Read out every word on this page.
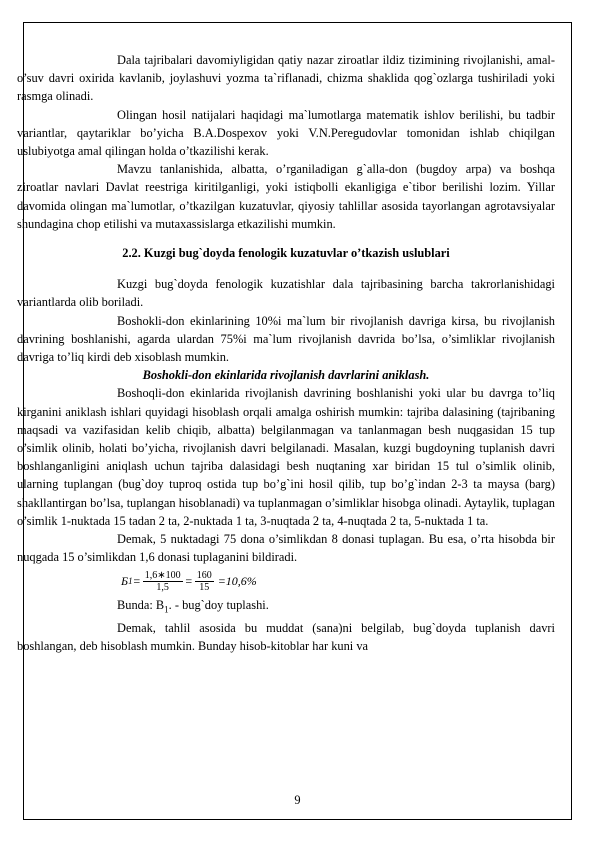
Dala tajribalari davomiyligidan qatiy nazar ziroatlar ildiz tizimining rivojlanishi, amal-o’suv davri oxirida kavlanib, joylashuvi yozma ta`riflanadi, chizma shaklida qog`ozlarga tushiriladi yoki rasmga olinadi.

Olingan hosil natijalari haqidagi ma`lumotlarga matematik ishlov berilishi, bu tadbir variantlar, qaytariklar bo’yicha B.A.Dospexov yoki V.N.Peregudovlar tomonidan ishlab chiqilgan uslubiyotga amal qilingan holda o’tkazilishi kerak.

Mavzu tanlanishida, albatta, o’rganiladigan g`alla-don (bugdoy arpa) va boshqa ziroatlar navlari Davlat reestriga kiritilganligi, yoki istiqbolli ekanligiga e`tibor berilishi lozim. Yillar davomida olingan ma`lumotlar, o’tkazilgan kuzatuvlar, qiyosiy tahlillar asosida tayorlangan agrotavsiyalar shundagina chop etilishi va mutaxassislarga etkazilishi mumkin.

2.2. Kuzgi bug`doyda fenologik kuzatuvlar o’tkazish uslublari

Kuzgi bug`doyda fenologik kuzatishlar dala tajribasining barcha takrorlanishidagi variantlarda olib boriladi.

Boshokli-don ekinlarining 10%i ma`lum bir rivojlanish davriga kirsa, bu rivojlanish davrining boshlanishi, agarda ulardan 75%i ma`lum rivojlanish davrida bo’lsa, o’simliklar rivojlanish davriga to’liq kirdi deb xisoblash mumkin.

Boshokli-don ekinlarida rivojlanish davrlarini aniklash.

Boshoqli-don ekinlarida rivojlanish davrining boshlanishi yoki ular bu davrga to’liq kirganini aniklash ishlari quyidagi hisoblash orqali amalga oshirish mumkin: tajriba dalasining (tajribaning maqsadi va vazifasidan kelib chiqib, albatta) belgilanmagan va tanlanmagan besh nuqgasidan 15 tup o’simlik olinib, holati bo’yicha, rivojlanish davri belgilanadi. Masalan, kuzgi bugdoyning tuplanish davri boshlanganligini aniqlash uchun tajriba dalasidagi besh nuqtaning xar biridan 15 tul o’simlik olinib, ularning tuplangan (bug`doy tuproq ostida tup bo’g`ini hosil qilib, tup bo’g`indan 2-3 ta maysa (barg) shakllantirgan bo’lsa, tuplangan hisoblanadi) va tuplanmagan o’simliklar hisobga olinadi. Aytaylik, tuplagan o’simlik 1-nuktada 15 tadan 2 ta, 2-nuktada 1 ta, 3-nuqtada 2 ta, 4-nuqtada 2 ta, 5-nuktada 1 ta.

Demak, 5 nuktadagi 75 dona o’simlikdan 8 donasi tuplagan. Bu esa, o’rta hisobda bir nuqgada 15 o’simlikdan 1,6 donasi tuplaganini bildiradi.

Б $1 = \frac{1,6∗100}{1,5} = \frac{160}{15} =10,6\%$
Bunda: $B_1$. - bug`doy tuplashi.

Demak, tahlil asosida bu muddat (sana)ni belgilab, bug`doyda tuplanish davri boshlangan, deb hisoblash mumkin. Bunday hisob-kitoblar har kuni va

9
